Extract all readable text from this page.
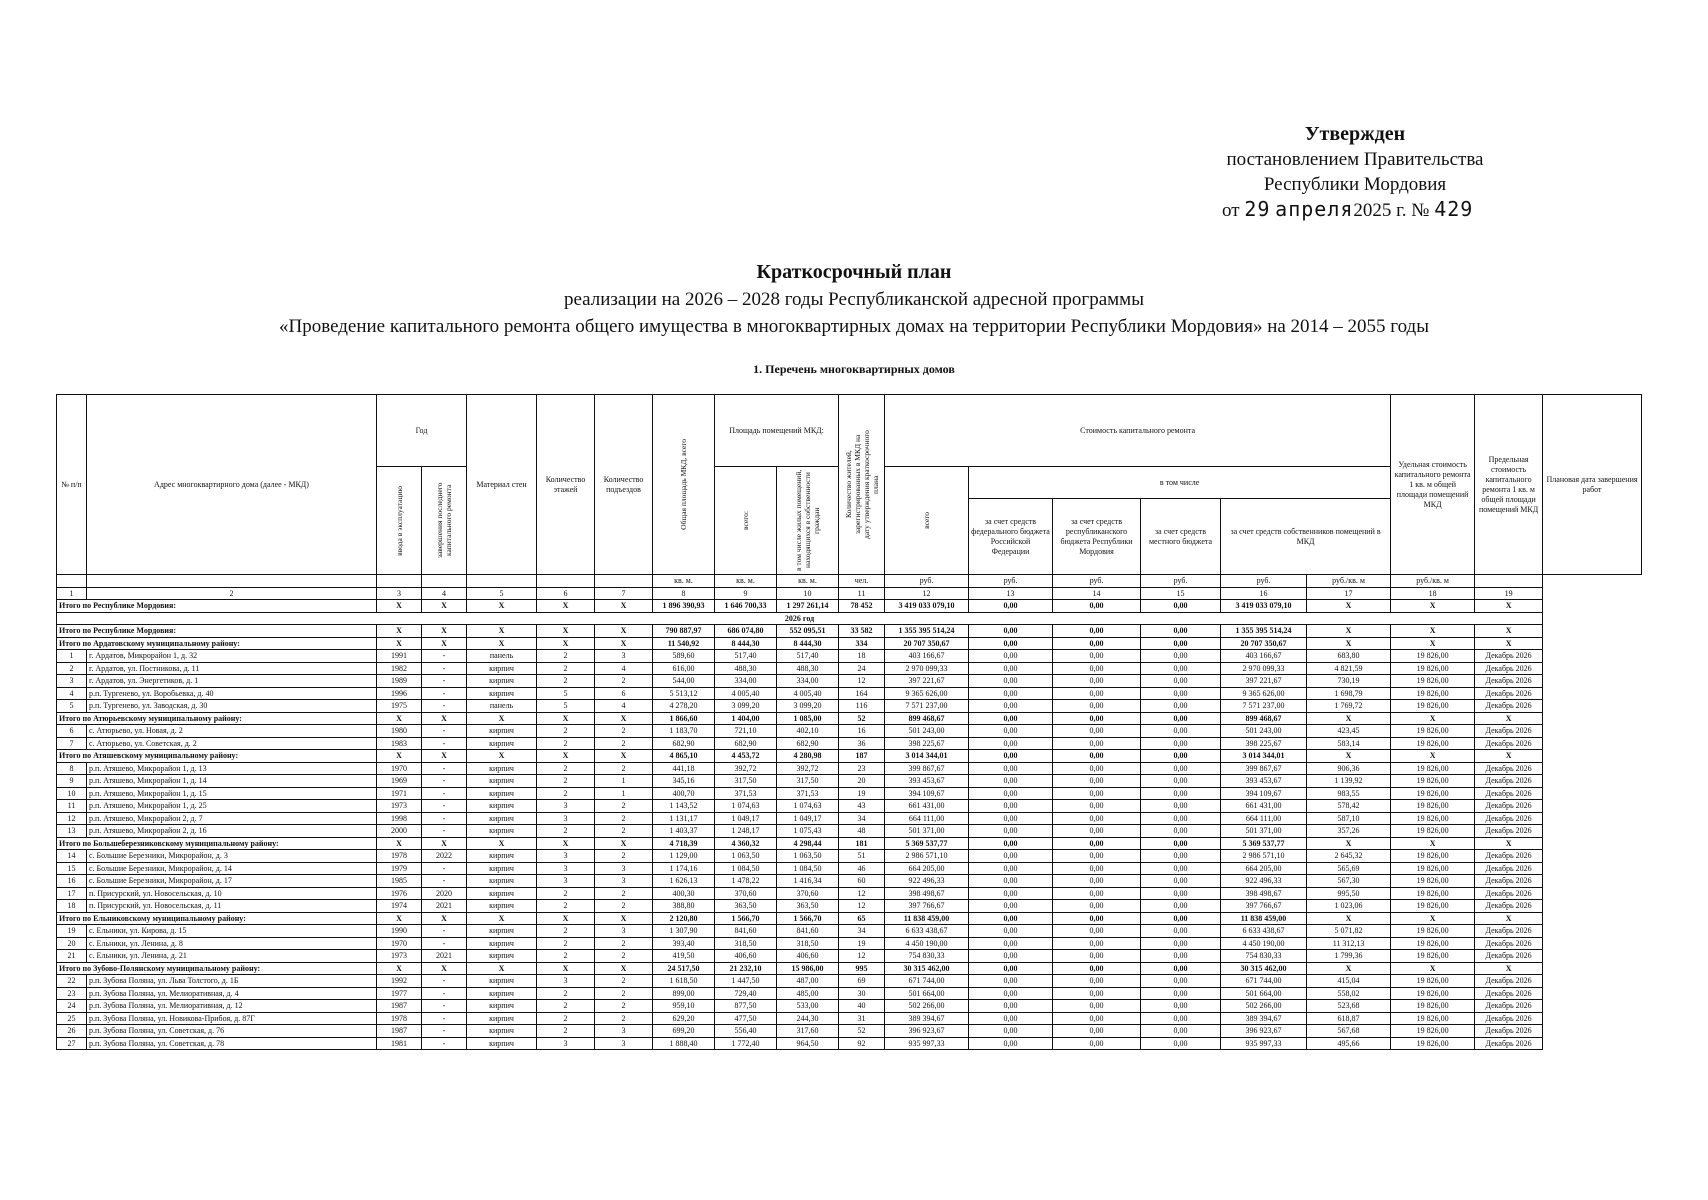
Утвержден
постановлением Правительства
Республики Мордовия
от 29 апреля2025 г. № 429
Краткосрочный план
реализации на 2026 – 2028 годы Республиканской адресной программы
«Проведение капитального ремонта общего имущества в многоквартирных домах на территории Республики Мордовия» на 2014 – 2055 годы
1. Перечень многоквартирных домов
№ п/п	Адрес многоквартирного дома (далее - МКД)	Год		Материал стен	Количество этажей	Количество подъездов	Общая площадь МКД, всего	Площадь помещений МКД:		Количество жителей, зарегистрированных в МКД на дату утверждения краткосрочного плана	Стоимость капитального ремонта						Удельная стоимость капитального ремонта 1 кв. м общей площади помещений МКД	Предельная стоимость капитального ремонта 1 кв. м общей площади помещений МКД	Плановая дата завершения работ

		ввода в эксплуатацию	завершения последнего капитального ремонта					всего:	в том числе жилых помещений, находящихся в собственности граждан		всего	в том числе							
												за счет средств федерального бюджета Российской Федерации	за счет средств республиканского бюджета Республики Мордовия	за счет средств местного бюджета	за счет средств собственников помещений в МКД				
							кв. м.	кв. м.	кв. м.	чел.	руб.	руб.	руб.	руб.	руб.	руб./кв. м	руб./кв. м		
1	2	3	4	5	6	7	8	9	10	11	12	13	14	15	16	17	18	19	
Итого по Республике Мордовия:		X	X	X	X	X	1 896 390,93	1 646 700,33	1 297 261,14	78 452	3 419 033 079,10	0,00	0,00	0,00	3 419 033 079,10	X	X	X	
2026 год																			
Итого по Республике Мордовия:		X	X	X	X	X	790 887,97	686 074,80	552 095,51	33 582	1 355 395 514,24	0,00	0,00	0,00	1 355 395 514,24	X	X	X	
Итого по Ардатовскому муниципальному району:		X	X	X	X	X	11 540,92	8 444,30	8 444,30	334	20 707 350,67	0,00	0,00	0,00	20 707 350,67	X	X	X	
1	г. Ардатов, Микрорайон 1, д. 32	1991	-	панель	2	3	589,60	517,40	517,40	18	403 166,67	0,00	0,00	0,00	403 166,67	683,80	19 826,00	Декабрь 2026	
2	г. Ардатов, ул. Постникова, д. 11	1982	-	кирпич	2	4	616,00	488,30	488,30	24	2 970 099,33	0,00	0,00	0,00	2 970 099,33	4 821,59	19 826,00	Декабрь 2026	
3	г. Ардатов, ул. Энергетиков, д. 1	1989	-	кирпич	2	2	544,00	334,00	334,00	12	397 221,67	0,00	0,00	0,00	397 221,67	730,19	19 826,00	Декабрь 2026	
4	р.п. Тургенево, ул. Воробьевка, д. 40	1996	-	кирпич	5	6	5 513,12	4 005,40	4 005,40	164	9 365 626,00	0,00	0,00	0,00	9 365 626,00	1 698,79	19 826,00	Декабрь 2026	
5	р.п. Тургенево, ул. Заводская, д. 30	1975	-	панель	5	4	4 278,20	3 099,20	3 099,20	116	7 571 237,00	0,00	0,00	0,00	7 571 237,00	1 769,72	19 826,00	Декабрь 2026	
Итого по Атюрьевскому муниципальному району:		X	X	X	X	X	1 866,60	1 404,00	1 085,00	52	899 468,67	0,00	0,00	0,00	899 468,67	X	X	X	
6	с. Атюрьево, ул. Новая, д. 2	1980	-	кирпич	2	2	1 183,70	721,10	402,10	16	501 243,00	0,00	0,00	0,00	501 243,00	423,45	19 826,00	Декабрь 2026	
7	с. Атюрьево, ул. Советская, д. 2	1983	-	кирпич	2	2	682,90	682,90	682,90	36	398 225,67	0,00	0,00	0,00	398 225,67	583,14	19 826,00	Декабрь 2026	
Итого по Атяшевскому муниципальному району:		X	X	X	X	X	4 865,10	4 453,72	4 280,98	187	3 014 344,01	0,00	0,00	0,00	3 014 344,01	X	X	X	
8	р.п. Атяшево, Микрорайон 1, д. 13	1970	-	кирпич	2	2	441,18	392,72	392,72	23	399 867,67	0,00	0,00	0,00	399 867,67	906,36	19 826,00	Декабрь 2026	
9	р.п. Атяшево, Микрорайон 1, д. 14	1969	-	кирпич	2	1	345,16	317,50	317,50	20	393 453,67	0,00	0,00	0,00	393 453,67	1 139,92	19 826,00	Декабрь 2026	
10	р.п. Атяшево, Микрорайон 1, д. 15	1971	-	кирпич	2	1	400,70	371,53	371,53	19	394 109,67	0,00	0,00	0,00	394 109,67	983,55	19 826,00	Декабрь 2026	
11	р.п. Атяшево, Микрорайон 1, д. 25	1973	-	кирпич	3	2	1 143,52	1 074,63	1 074,63	43	661 431,00	0,00	0,00	0,00	661 431,00	578,42	19 826,00	Декабрь 2026	
12	р.п. Атяшево, Микрорайон 2, д. 7	1998	-	кирпич	3	2	1 131,17	1 049,17	1 049,17	34	664 111,00	0,00	0,00	0,00	664 111,00	587,10	19 826,00	Декабрь 2026	
13	р.п. Атяшево, Микрорайон 2, д. 16	2000	-	кирпич	2	2	1 403,37	1 248,17	1 075,43	48	501 371,00	0,00	0,00	0,00	501 371,00	357,26	19 826,00	Декабрь 2026	
Итого по Большеберезниковскому муниципальному району:		X	X	X	X	X	4 718,39	4 360,32	4 298,44	181	5 369 537,77	0,00	0,00	0,00	5 369 537,77	X	X	X	
14	с. Большие Березники, Микрорайон, д. 3	1978	2022	кирпич	3	2	1 129,00	1 063,50	1 063,50	51	2 986 571,10	0,00	0,00	0,00	2 986 571,10	2 645,32	19 826,00	Декабрь 2026	
15	с. Большие Березники, Микрорайон, д. 14	1979	-	кирпич	3	3	1 174,16	1 084,50	1 084,50	46	664 205,00	0,00	0,00	0,00	664 205,00	565,69	19 826,00	Декабрь 2026	
16	с. Большие Березники, Микрорайон, д. 17	1985	-	кирпич	3	3	1 626,13	1 478,22	1 416,34	60	922 496,33	0,00	0,00	0,00	922 496,33	567,30	19 826,00	Декабрь 2026	
17	п. Присурский, ул. Новосельская, д. 10	1976	2020	кирпич	2	2	400,30	370,60	370,60	12	398 498,67	0,00	0,00	0,00	398 498,67	995,50	19 826,00	Декабрь 2026	
18	п. Присурский, ул. Новосельская, д. 11	1974	2021	кирпич	2	2	388,80	363,50	363,50	12	397 766,67	0,00	0,00	0,00	397 766,67	1 023,06	19 826,00	Декабрь 2026	
Итого по Ельниковскому муниципальному району:		X	X	X	X	X	2 120,80	1 566,70	1 566,70	65	11 838 459,00	0,00	0,00	0,00	11 838 459,00	X	X	X	
19	с. Ельники, ул. Кирова, д. 15	1990	-	кирпич	2	3	1 307,90	841,60	841,60	34	6 633 438,67	0,00	0,00	0,00	6 633 438,67	5 071,82	19 826,00	Декабрь 2026	
20	с. Ельники, ул. Ленина, д. 8	1970	-	кирпич	2	2	393,40	318,50	318,50	19	4 450 190,00	0,00	0,00	0,00	4 450 190,00	11 312,13	19 826,00	Декабрь 2026	
21	с. Ельники, ул. Ленина, д. 21	1973	2021	кирпич	2	2	419,50	406,60	406,60	12	754 830,33	0,00	0,00	0,00	754 830,33	1 799,36	19 826,00	Декабрь 2026	
Итого по Зубово-Полянскому муниципальному району:		X	X	X	X	X	24 517,50	21 232,10	15 986,00	995	30 315 462,00	0,00	0,00	0,00	30 315 462,00	X	X	X	
22	р.п. Зубова Поляна, ул. Льва Толстого, д. 1Б	1992	-	кирпич	3	2	1 618,50	1 447,50	487,00	69	671 744,00	0,00	0,00	0,00	671 744,00	415,04	19 826,00	Декабрь 2026	
23	р.п. Зубова Поляна, ул. Мелиоративная, д. 4	1977	-	кирпич	2	2	899,00	729,40	485,00	30	501 664,00	0,00	0,00	0,00	501 664,00	558,02	19 826,00	Декабрь 2026	
24	р.п. Зубова Поляна, ул. Мелиоративная, д. 12	1987	-	кирпич	2	2	959,10	877,50	533,00	40	502 266,00	0,00	0,00	0,00	502 266,00	523,68	19 826,00	Декабрь 2026	
25	р.п. Зубова Поляна, ул. Новикова-Прибоя, д. 87Г	1978	-	кирпич	2	2	629,20	477,50	244,30	31	389 394,67	0,00	0,00	0,00	389 394,67	618,87	19 826,00	Декабрь 2026	
26	р.п. Зубова Поляна, ул. Советская, д. 76	1987	-	кирпич	2	3	699,20	556,40	317,60	52	396 923,67	0,00	0,00	0,00	396 923,67	567,68	19 826,00	Декабрь 2026	
27	р.п. Зубова Поляна, ул. Советская, д. 78	1981	-	кирпич	3	3	1 888,40	1 772,40	964,50	92	935 997,33	0,00	0,00	0,00	935 997,33	495,66	19 826,00	Декабрь 2026	
